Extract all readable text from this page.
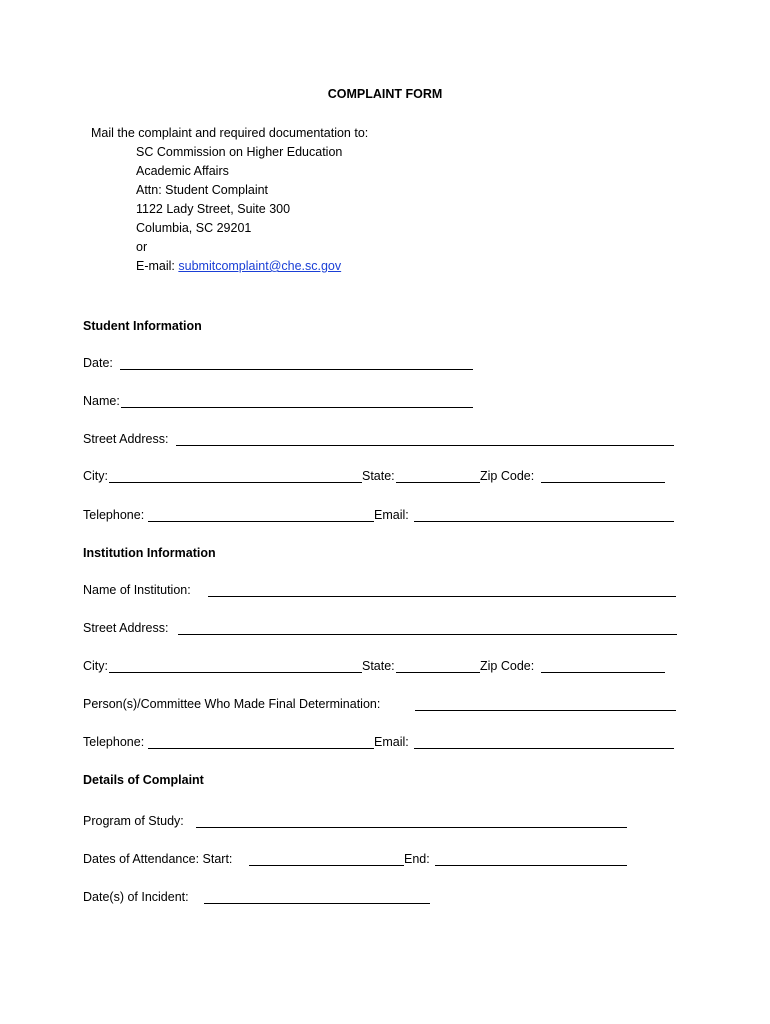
COMPLAINT FORM
Mail the complaint and required documentation to:
SC Commission on Higher Education
Academic Affairs
Attn: Student Complaint
1122 Lady Street, Suite 300
Columbia, SC 29201
or
E-mail: submitcomplaint@che.sc.gov
Student Information
Date:
Name:
Street Address:
City:	State:	Zip Code:
Telephone:	Email:
Institution Information
Name of Institution:
Street Address:
City:	State:	Zip Code:
Person(s)/Committee Who Made Final Determination:
Telephone:	Email:
Details of Complaint
Program of Study:
Dates of Attendance: Start:	End:
Date(s) of Incident:
